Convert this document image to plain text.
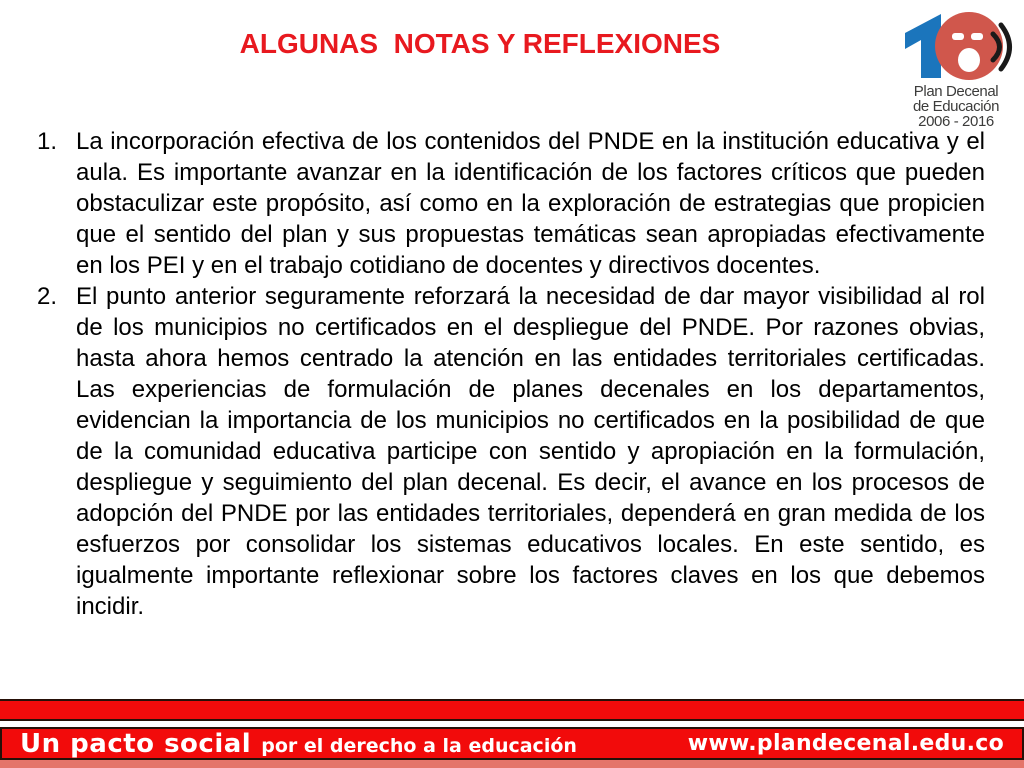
ALGUNAS  NOTAS Y REFLEXIONES
Plan Decenal
de Educación
2006 - 2016
1. La incorporación efectiva de los contenidos del PNDE en la institución educativa y el aula. Es importante avanzar en la identificación de los factores críticos que pueden obstaculizar este propósito, así como en la exploración de estrategias que propicien que el sentido del plan y sus propuestas temáticas sean apropiadas efectivamente en los PEI y en el trabajo cotidiano de docentes y directivos docentes.
2. El punto anterior seguramente reforzará la necesidad de dar mayor visibilidad al rol de los municipios no certificados en el despliegue del PNDE. Por razones obvias, hasta ahora hemos centrado la atención en las entidades territoriales certificadas. Las experiencias de formulación de planes decenales en los departamentos, evidencian la importancia de los municipios no certificados en la posibilidad de que de la comunidad educativa participe con sentido y apropiación en la formulación, despliegue y seguimiento del plan decenal. Es decir, el avance en los procesos de adopción del PNDE por las entidades territoriales, dependerá en gran medida de los esfuerzos por consolidar los sistemas educativos locales. En este sentido, es igualmente importante reflexionar sobre los factores claves en los que debemos incidir.
Un pacto social por el derecho a la educación	www.plandecenal.edu.co
